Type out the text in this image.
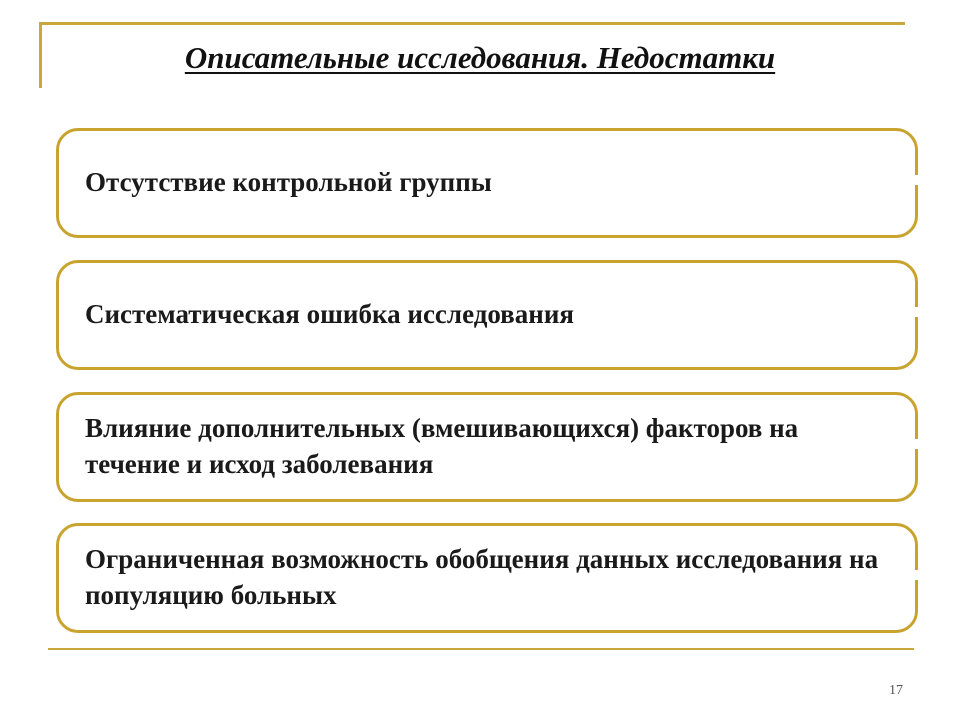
Описательные исследования. Недостатки
Отсутствие контрольной группы
Систематическая ошибка исследования
Влияние дополнительных (вмешивающихся) факторов на течение и исход заболевания
Ограниченная возможность обобщения данных исследования на популяцию больных
17
